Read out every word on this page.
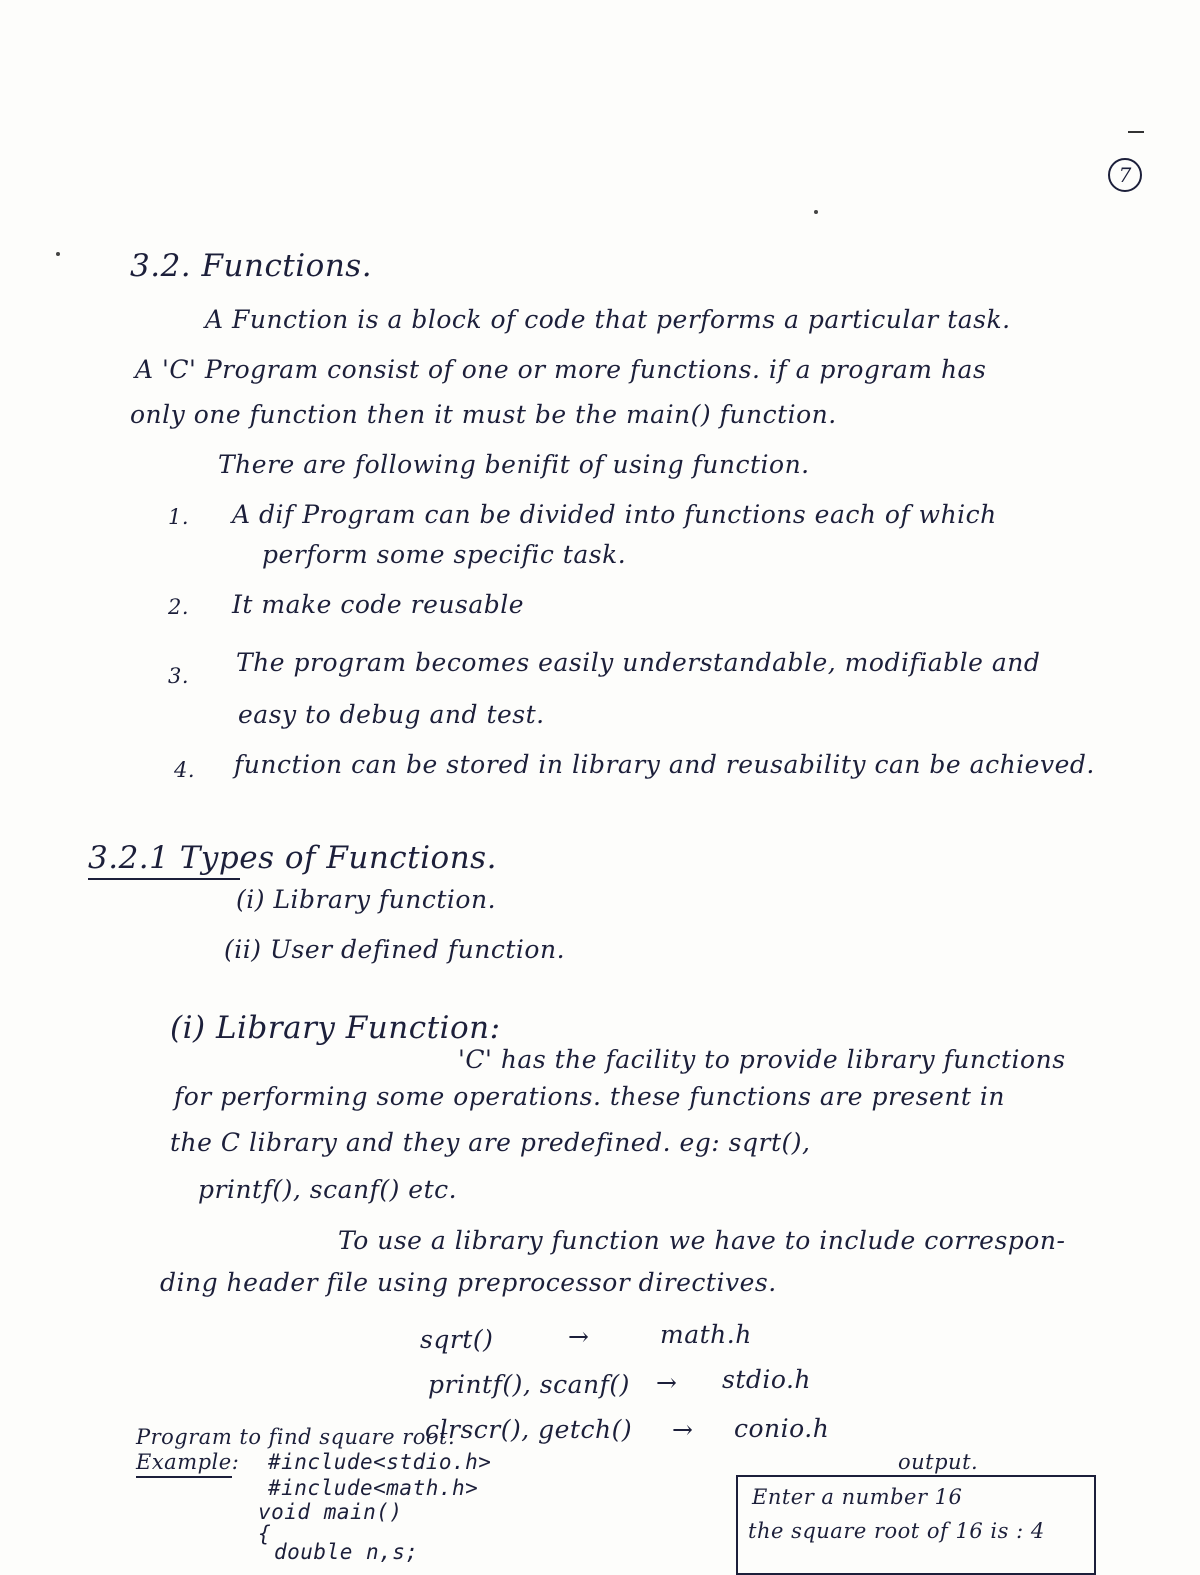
7
3.2. Functions.
A Function is a block of code that performs a particular task.
A 'C' Program consist of one or more functions. if a program has
only one function then it must be the main() function.
There are following benifit of using function.
1. A dif Program can be divided into functions each of which
perform some specific task.
2. It make code reusable
3. The program becomes easily understandable, modifiable and
easy to debug and test.
4. function can be stored in library and reusability can be achieved.
3.2.1 Types of Functions.
(i) Library function.
(ii) User defined function.
(i) Library Function:
'C' has the facility to provide library functions
for performing some operations. these functions are present in
the C library and they are predefined. eg: sqrt(),
printf(), scanf() etc.
To use a library function we have to include correspon-
ding header file using preprocessor directives.
sqrt()	→	math.h
printf(), scanf() → stdio.h
clrscr(), getch() → conio.h
Program to find square root.
Example: #include<stdio.h>
#include<math.h>
void main()
{
double n,s;
output.
Enter a number 16
the square root of 16 is : 4
